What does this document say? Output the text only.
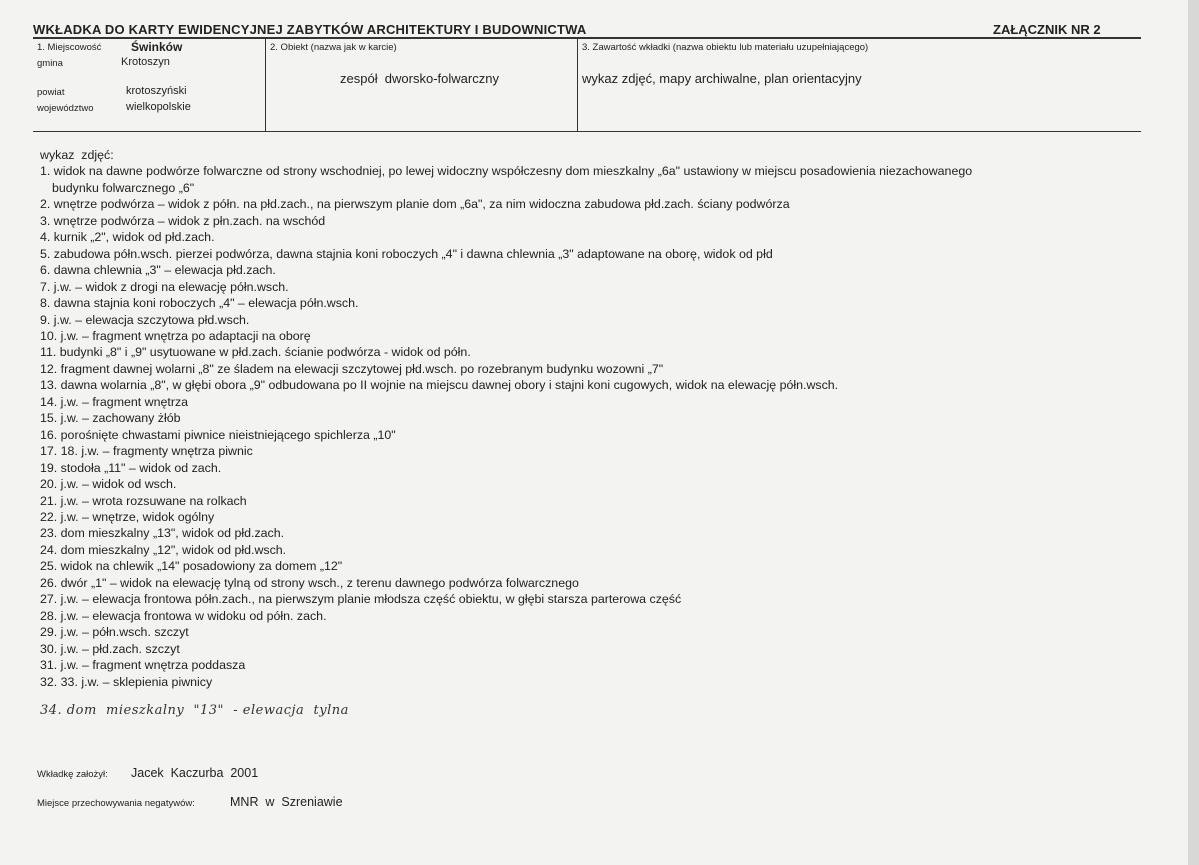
WKŁADKA DO KARTY EWIDENCYJNEJ ZABYTKÓW ARCHITEKTURY I BUDOWNICTWA	ZAŁĄCZNIK NR 2
1. Miejscowość Świnków
gmina	Krotoszyn
powiat	krotoszyński
województwo	wielkopolskie
2. Obiekt (nazwa jak w karcie)
zespół  dworsko-folwarczny
3. Zawartość wkładki (nazwa obiektu lub materiału uzupełniającego)
wykaz zdjęć, mapy archiwalne, plan orientacyjny
wykaz  zdjęć:
1. widok na dawne podwórze folwarczne od strony wschodniej, po lewej widoczny współczesny dom mieszkalny „6a" ustawiony w miejscu posadowienia niezachowanego
budynku folwarcznego „6"
2. wnętrze podwórza – widok z półn. na płd.zach., na pierwszym planie dom „6a", za nim widoczna zabudowa płd.zach. ściany podwórza
3. wnętrze podwórza – widok z płn.zach. na wschód
4. kurnik „2", widok od płd.zach.
5. zabudowa półn.wsch. pierzei podwórza, dawna stajnia koni roboczych „4" i dawna chlewnia „3" adaptowane na oborę, widok od płd
6. dawna chlewnia „3" – elewacja płd.zach.
7. j.w. – widok z drogi na elewację półn.wsch.
8. dawna stajnia koni roboczych „4" – elewacja półn.wsch.
9. j.w. – elewacja szczytowa płd.wsch.
10. j.w. – fragment wnętrza po adaptacji na oborę
11. budynki „8" i „9" usytuowane w płd.zach. ścianie podwórza - widok od półn.
12. fragment dawnej wolarni „8" ze śladem na elewacji szczytowej płd.wsch. po rozebranym budynku wozowni „7"
13. dawna wolarnia „8", w głębi obora „9" odbudowana po II wojnie na miejscu dawnej obory i stajni koni cugowych, widok na elewację półn.wsch.
14. j.w. – fragment wnętrza
15. j.w. – zachowany żłób
16. porośnięte chwastami piwnice nieistniejącego spichlerza „10"
17. 18. j.w. – fragmenty wnętrza piwnic
19. stodoła „11" – widok od zach.
20. j.w. – widok od wsch.
21. j.w. – wrota rozsuwane na rolkach
22. j.w. – wnętrze, widok ogólny
23. dom mieszkalny „13", widok od płd.zach.
24. dom mieszkalny „12", widok od płd.wsch.
25. widok na chlewik „14" posadowiony za domem „12"
26. dwór „1" – widok na elewację tylną od strony wsch., z terenu dawnego podwórza folwarcznego
27. j.w. – elewacja frontowa półn.zach., na pierwszym planie młodsza część obiektu, w głębi starsza parterowa część
28. j.w. – elewacja frontowa w widoku od półn. zach.
29. j.w. – półn.wsch. szczyt
30. j.w. – płd.zach. szczyt
31. j.w. – fragment wnętrza poddasza
32. 33. j.w. – sklepienia piwnicy
34. dom  mieszkalny  "13"  - elewacja  tylna
Wkładkę założył: Jacek  Kaczurba  2001
Miejsce przechowywania negatywów:	MNR  w  Szreniawie
